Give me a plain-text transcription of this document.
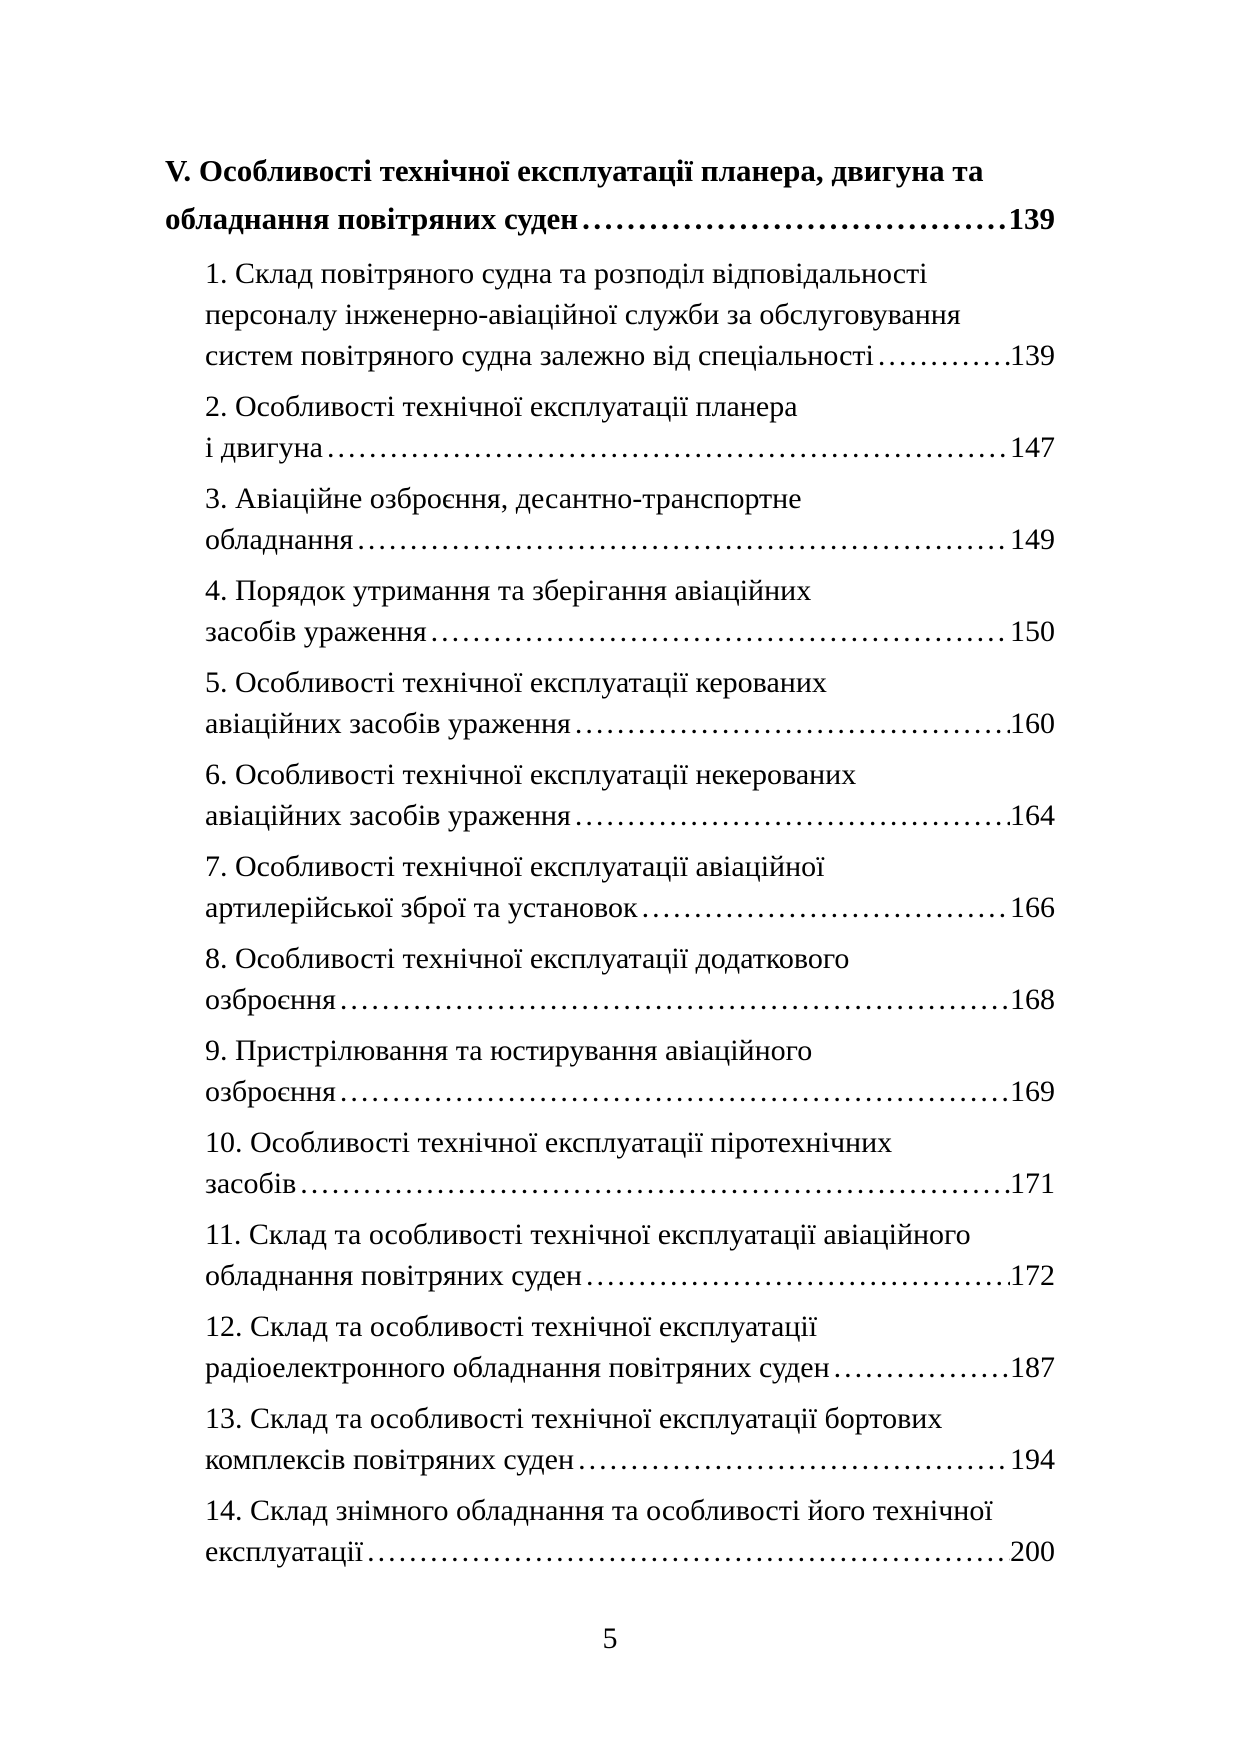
V. Особливості технічної експлуатації планера, двигуна та
обладнання повітряних суден .....	139
1. Склад повітряного судна та розподіл відповідальності
персоналу інженерно-авіаційної служби за обслуговування
систем повітряного судна залежно від спеціальності .....	139
2. Особливості технічної експлуатації планера
і двигуна .....	147
3. Авіаційне озброєння, десантно-транспортне
обладнання .....	149
4. Порядок утримання та зберігання авіаційних
засобів ураження .....	150
5. Особливості технічної експлуатації керованих
авіаційних засобів ураження .....	160
6. Особливості технічної експлуатації некерованих
авіаційних засобів ураження .....	164
7. Особливості технічної експлуатації авіаційної
артилерійської зброї та установок .....	166
8. Особливості технічної експлуатації додаткового
озброєння .....	168
9. Пристрілювання та юстирування авіаційного
озброєння .....	169
10. Особливості технічної експлуатації піротехнічних
засобів .....	171
11. Склад та особливості технічної експлуатації авіаційного
обладнання повітряних суден .....	172
12. Склад та особливості технічної експлуатації
радіоелектронного обладнання повітряних суден .....	187
13. Склад та особливості технічної експлуатації бортових
комплексів повітряних суден .....	194
14. Склад знімного обладнання та особливості його технічної
експлуатації .....	200
5
